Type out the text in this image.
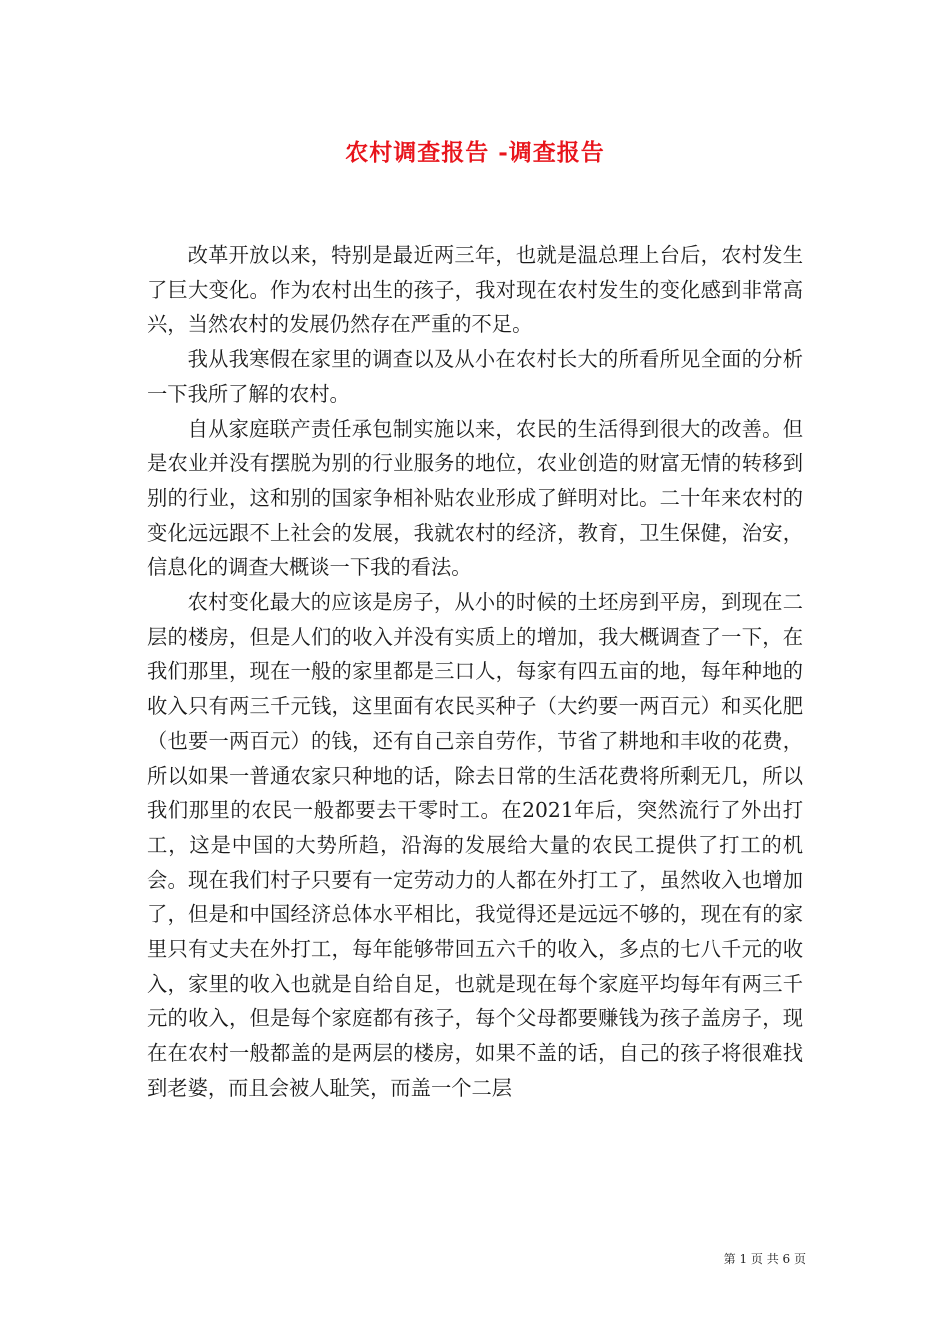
农村调查报告 -调查报告

改革开放以来，特别是最近两三年，也就是温总理上台后，农村发生了巨大变化。作为农村出生的孩子，我对现在农村发生的变化感到非常高兴，当然农村的发展仍然存在严重的不足。

我从我寒假在家里的调查以及从小在农村长大的所看所见全面的分析一下我所了解的农村。

自从家庭联产责任承包制实施以来，农民的生活得到很大的改善。但是农业并没有摆脱为别的行业服务的地位，农业创造的财富无情的转移到别的行业，这和别的国家争相补贴农业形成了鲜明对比。二十年来农村的变化远远跟不上社会的发展，我就农村的经济，教育，卫生保健，治安，信息化的调查大概谈一下我的看法。

农村变化最大的应该是房子，从小的时候的土坯房到平房，到现在二层的楼房，但是人们的收入并没有实质上的增加，我大概调查了一下，在我们那里，现在一般的家里都是三口人，每家有四五亩的地，每年种地的收入只有两三千元钱，这里面有农民买种子（大约要一两百元）和买化肥（也要一两百元）的钱，还有自己亲自劳作，节省了耕地和丰收的花费，所以如果一普通农家只种地的话，除去日常的生活花费将所剩无几，所以我们那里的农民一般都要去干零时工。在2021年后，突然流行了外出打工，这是中国的大势所趋，沿海的发展给大量的农民工提供了打工的机会。现在我们村子只要有一定劳动力的人都在外打工了，虽然收入也增加了，但是和中国经济总体水平相比，我觉得还是远远不够的，现在有的家里只有丈夫在外打工，每年能够带回五六千的收入，多点的七八千元的收入，家里的收入也就是自给自足，也就是现在每个家庭平均每年有两三千元的收入，但是每个家庭都有孩子，每个父母都要赚钱为孩子盖房子，现在在农村一般都盖的是两层的楼房，如果不盖的话，自己的孩子将很难找到老婆，而且会被人耻笑，而盖一个二层

第 1 页 共 6 页
